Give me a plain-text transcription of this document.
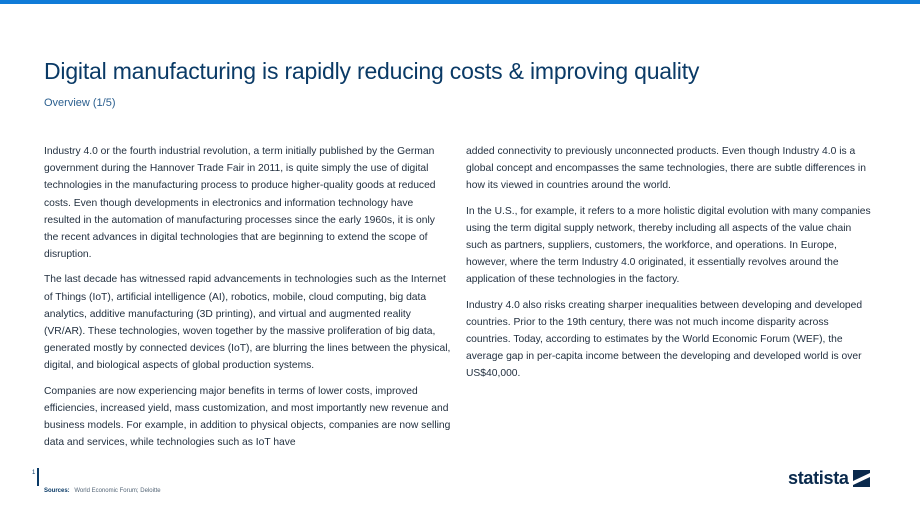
Digital manufacturing is rapidly reducing costs & improving quality
Overview (1/5)

Industry 4.0 or the fourth industrial revolution, a term initially published by the German government during the Hannover Trade Fair in 2011, is quite simply the use of digital technologies in the manufacturing process to produce higher-quality goods at reduced costs. Even though developments in electronics and information technology have resulted in the automation of manufacturing processes since the early 1960s, it is only the recent advances in digital technologies that are beginning to extend the scope of disruption.

The last decade has witnessed rapid advancements in technologies such as the Internet of Things (IoT), artificial intelligence (AI), robotics, mobile, cloud computing, big data analytics, additive manufacturing (3D printing), and virtual and augmented reality (VR/AR). These technologies, woven together by the massive proliferation of big data, generated mostly by connected devices (IoT), are blurring the lines between the physical, digital, and biological aspects of global production systems.

Companies are now experiencing major benefits in terms of lower costs, improved efficiencies, increased yield, mass customization, and most importantly new revenue and business models. For example, in addition to physical objects, companies are now selling data and services, while technologies such as IoT have

added connectivity to previously unconnected products. Even though Industry 4.0 is a global concept and encompasses the same technologies, there are subtle differences in how its viewed in countries around the world.

In the U.S., for example, it refers to a more holistic digital evolution with many companies using the term digital supply network, thereby including all aspects of the value chain such as partners, suppliers, customers, the workforce, and operations. In Europe, however, where the term Industry 4.0 originated, it essentially revolves around the application of these technologies in the factory.

Industry 4.0 also risks creating sharper inequalities between developing and developed countries. Prior to the 19th century, there was not much income disparity across countries. Today, according to estimates by the World Economic Forum (WEF), the average gap in per-capita income between the developing and developed world is over US$40,000.

1
Sources: World Economic Forum; Deloitte
statista
